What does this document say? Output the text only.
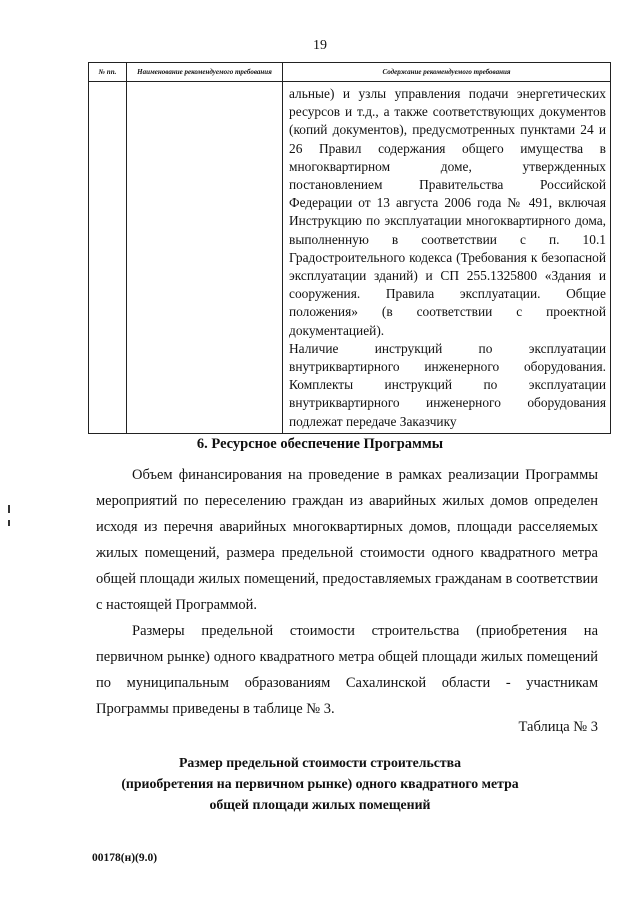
19
№ пп.	Наименование рекомендуемого требования	Содержание рекомендуемого требования

		альные) и узлы управления подачи энергетических ресурсов и т.д., а также соответствующих документов (копий документов), предусмотренных пунктами 24 и 26 Правил содержания общего имущества в многоквартирном доме, утвержденных постановлением Правительства Российской Федерации от 13 августа 2006 года № 491, включая Инструкцию по эксплуатации многоквартирного дома, выполненную в соответствии с п. 10.1 Градостроительного кодекса (Требования к безопасной эксплуатации зданий) и СП 255.1325800 «Здания и сооружения. Правила эксплуатации. Общие положения» (в соответствии с проектной документацией).

Наличие инструкций по эксплуатации внутриквартирного инженерного оборудования. Комплекты инструкций по эксплуатации внутриквартирного инженерного оборудования подлежат передаче Заказчику

6. Ресурсное обеспечение Программы

Объем финансирования на проведение в рамках реализации Программы мероприятий по переселению граждан из аварийных жилых домов определен исходя из перечня аварийных многоквартирных домов, площади расселяемых жилых помещений, размера предельной стоимости одного квадратного метра общей площади жилых помещений, предоставляемых гражданам в соответствии с настоящей Программой.

Размеры предельной стоимости строительства (приобретения на первичном рынке) одного квадратного метра общей площади жилых помещений по муниципальным образованиям Сахалинской области - участникам Программы приведены в таблице № 3.

Таблица № 3
Размер предельной стоимости строительства
(приобретения на первичном рынке) одного квадратного метра
общей площади жилых помещений
00178(н)(9.0)
